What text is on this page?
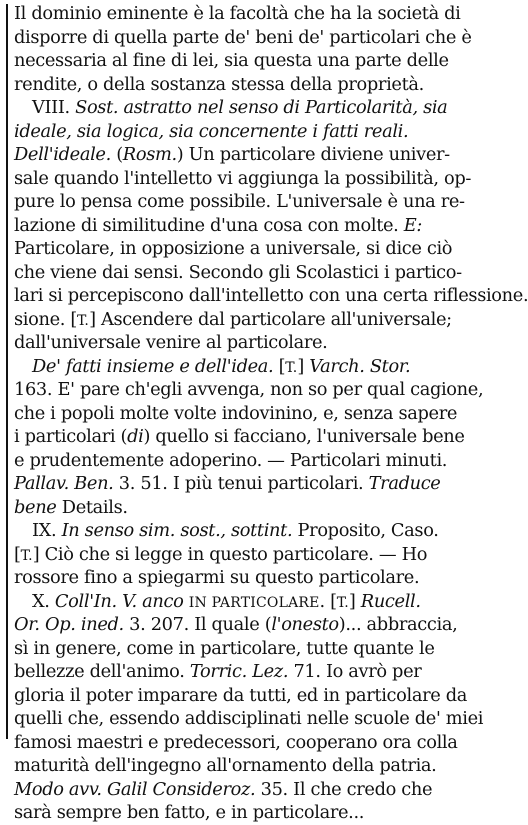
Il dominio eminente è la facoltà che ha la società di
disporre di quella parte de' beni de' particolari che è
necessaria al fine di lei, sia questa una parte delle
rendite, o della sostanza stessa della proprietà.
VIII. Sost. astratto nel senso di Particolarità, sia
ideale, sia logica, sia concernente i fatti reali.
Dell'ideale. (Rosm.) Un particolare diviene univer-
sale quando l'intelletto vi aggiunga la possibilità, op-
pure lo pensa come possibile. L'universale è una re-
lazione di similitudine d'una cosa con molte. E:
Particolare, in opposizione a universale, si dice ciò
che viene dai sensi. Secondo gli Scolastici i partico-
lari si percepiscono dall'intelletto con una certa riflessione.
sione. [T.] Ascendere dal particolare all'universale;
dall'universale venire al particolare.
De' fatti insieme e dell'idea. [T.] Varch. Stor.
163. E' pare ch'egli avvenga, non so per qual cagione,
che i popoli molte volte indovinino, e, senza sapere
i particolari (di) quello si facciano, l'universale bene
e prudentemente adoperino. — Particolari minuti.
Pallav. Ben. 3. 51. I più tenui particolari. Traduce
bene Details.
IX. In senso sim. sost., sottint. Proposito, Caso.
[T.] Ciò che si legge in questo particolare. — Ho
rossore fino a spiegarmi su questo particolare.
X. Coll'In. V. anco IN PARTICOLARE. [T.] Rucell.
Or. Op. ined. 3. 207. Il quale (l'onesto)... abbraccia,
sì in genere, come in particolare, tutte quante le
bellezze dell'animo. Torric. Lez. 71. Io avrò per
gloria il poter imparare da tutti, ed in particolare da
quelli che, essendo addisciplinati nelle scuole de' miei
famosi maestri e predecessori, cooperano ora colla
maturità dell'ingegno all'ornamento della patria.
Modo avv. Galil Consideroz. 35. Il che credo che
sarà sempre ben fatto, e in particolare...
